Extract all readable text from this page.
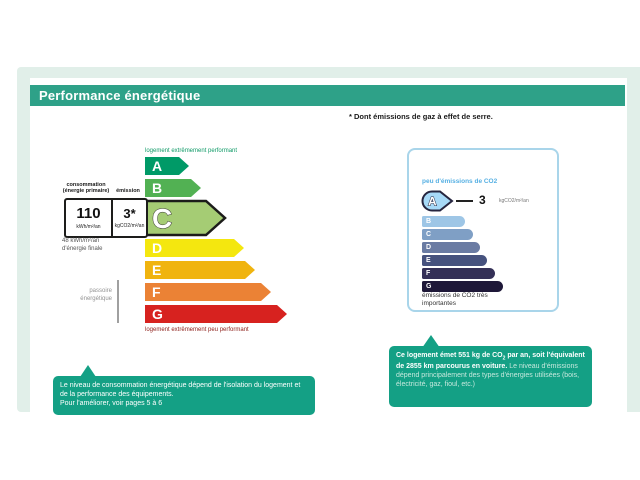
Performance énergétique
* Dont émissions de gaz à effet de serre.
logement extrêmement performant
A
B
C
D
E
F
G
logement extrêmement peu performant
consommation (énergie primaire)	émission
110
kWh/m²/an
3*
kgCO2/m²/an
48 kWh/m²/an d'énergie finale
passoire énergétique
peu d'émissions de CO2
A	3	kgCO2/m²/an
B
C
D
E
F
G
émissions de CO2 très importantes
Le niveau de consommation énergétique dépend de l'isolation du logement et de la performance des équipements.
Pour l'améliorer, voir pages 5 à 6
Ce logement émet 551 kg de $CO_2$ par an, soit l'équivalent de 2855 km parcourus en voiture. Le niveau d'émissions dépend principalement des types d'énergies utilisées (bois, électricité, gaz, fioul, etc.)
